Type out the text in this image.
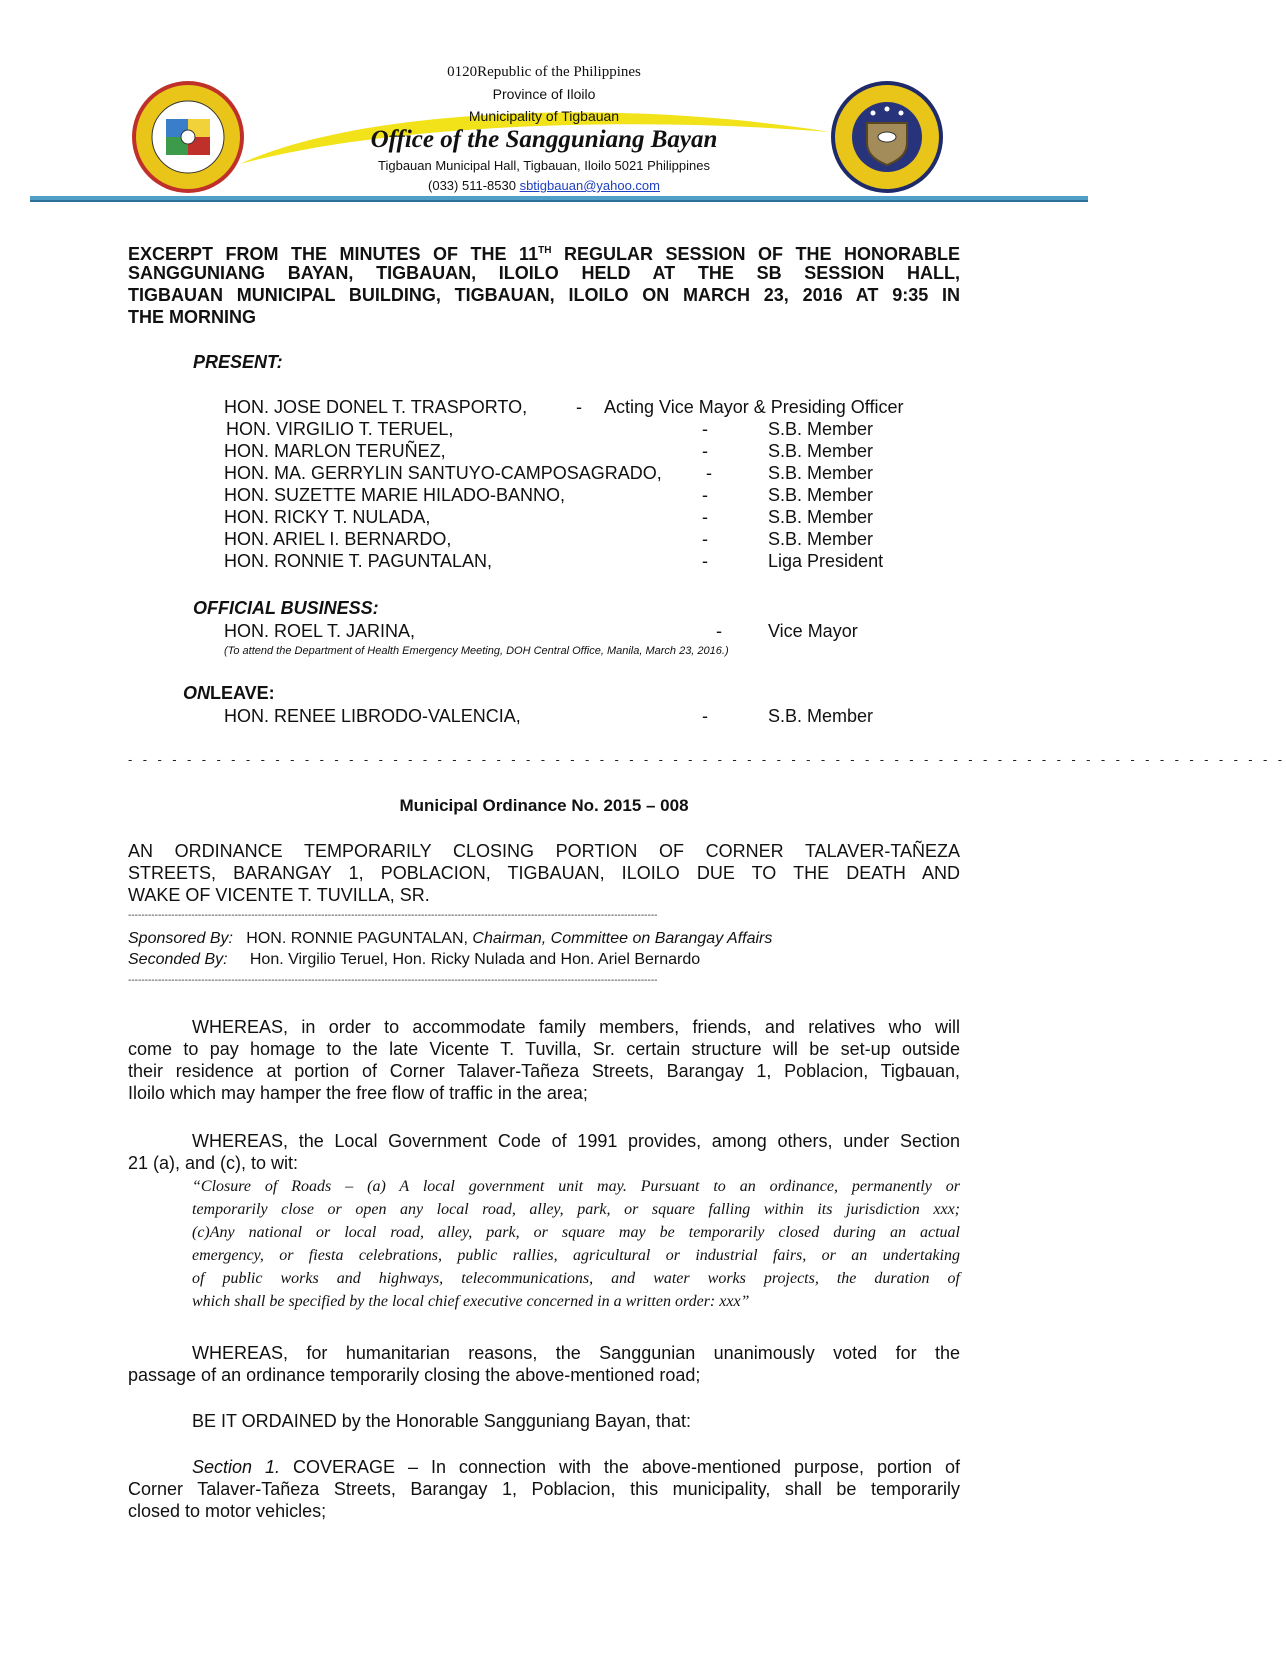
0120Republic of the Philippines
Province of Iloilo
Municipality of Tigbauan
Office of the Sangguniang Bayan
Tigbauan Municipal Hall, Tigbauan, Iloilo 5021 Philippines
(033) 511-8530 sbtigbauan@yahoo.com
EXCERPT FROM THE MINUTES OF THE 11TH REGULAR SESSION OF THE HONORABLE
SANGGUNIANG BAYAN, TIGBAUAN, ILOILO HELD AT THE SB SESSION HALL,
TIGBAUAN MUNICIPAL BUILDING, TIGBAUAN, ILOILO ON MARCH 23, 2016 AT 9:35 IN
THE MORNING
PRESENT:
HON. JOSE DONEL T. TRASPORTO,	- Acting Vice Mayor & Presiding Officer
HON. VIRGILIO T. TERUEL,	-	S.B. Member
HON. MARLON TERUÑEZ,	-	S.B. Member
HON. MA. GERRYLIN SANTUYO-CAMPOSAGRADO, -	S.B. Member
HON. SUZETTE MARIE HILADO-BANNO,	-	S.B. Member
HON. RICKY T. NULADA,	-	S.B. Member
HON. ARIEL I. BERNARDO,	-	S.B. Member
HON. RONNIE T. PAGUNTALAN,	-	Liga President
OFFICIAL BUSINESS:
HON. ROEL T. JARINA,	-	Vice Mayor
(To attend the Department of Health Emergency Meeting, DOH Central Office, Manila, March 23, 2016.)
ONLEAVE:
HON. RENEE LIBRODO-VALENCIA,	-	S.B. Member
- - - - - - - - - - - - - - - - - - - - - - - - - - - - - - - - - - - - - - - - - - - - - - - - - - - - - - - - - - - - - - - - - - - - - - - - - - - - - - -
Municipal Ordinance No. 2015 – 008
AN ORDINANCE TEMPORARILY CLOSING PORTION OF CORNER TALAVER-TAÑEZA
STREETS, BARANGAY 1, POBLACION, TIGBAUAN, ILOILO DUE TO THE DEATH AND
WAKE OF VICENTE T. TUVILLA, SR.
---------------------------------------------------------------------------------------------------------------------------------------------------------------
Sponsored By: HON. RONNIE PAGUNTALAN, Chairman, Committee on Barangay Affairs
Seconded By: Hon. Virgilio Teruel, Hon. Ricky Nulada and Hon. Ariel Bernardo
---------------------------------------------------------------------------------------------------------------------------------------------------------------
WHEREAS, in order to accommodate family members, friends, and relatives who will
come to pay homage to the late Vicente T. Tuvilla, Sr. certain structure will be set-up outside
their residence at portion of Corner Talaver-Tañeza Streets, Barangay 1, Poblacion, Tigbauan,
Iloilo which may hamper the free flow of traffic in the area;
WHEREAS, the Local Government Code of 1991 provides, among others, under Section
21 (a), and (c), to wit:
“Closure of Roads – (a) A local government unit may. Pursuant to an ordinance, permanently or
temporarily close or open any local road, alley, park, or square falling within its jurisdiction xxx;
(c)Any national or local road, alley, park, or square may be temporarily closed during an actual
emergency, or fiesta celebrations, public rallies, agricultural or industrial fairs, or an undertaking
of public works and highways, telecommunications, and water works projects, the duration of
which shall be specified by the local chief executive concerned in a written order: xxx”
WHEREAS, for humanitarian reasons, the Sanggunian unanimously voted for the
passage of an ordinance temporarily closing the above-mentioned road;
BE IT ORDAINED by the Honorable Sangguniang Bayan, that:
Section 1. COVERAGE – In connection with the above-mentioned purpose, portion of
Corner Talaver-Tañeza Streets, Barangay 1, Poblacion, this municipality, shall be temporarily
closed to motor vehicles;
